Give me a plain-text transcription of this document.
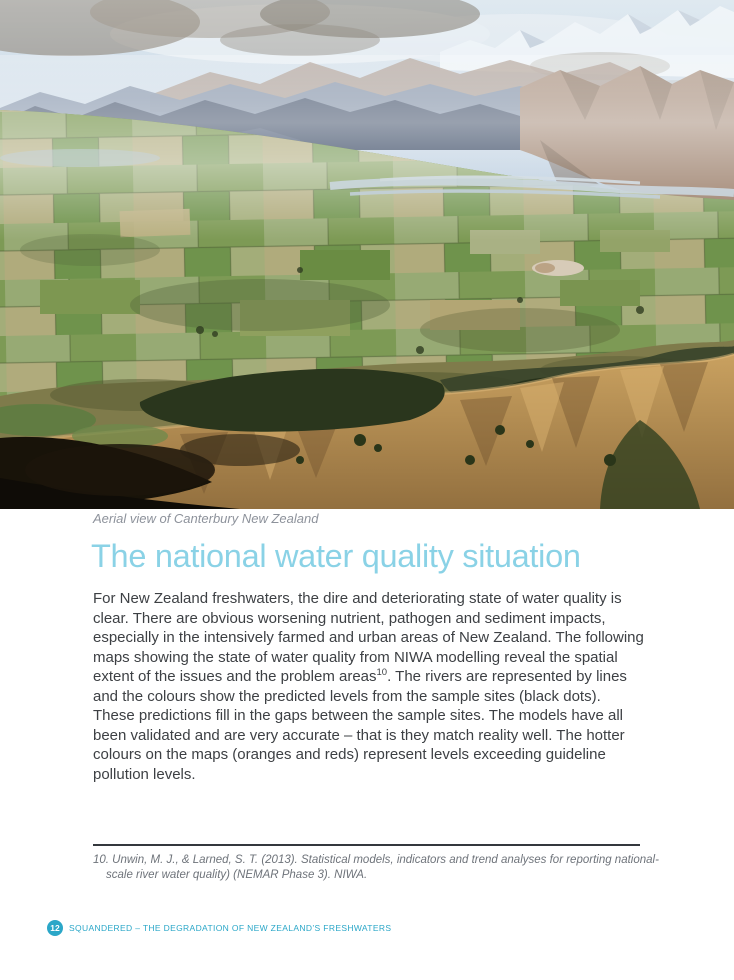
Aerial view of Canterbury New Zealand
The national water quality situation

For New Zealand freshwaters, the dire and deteriorating state of water quality is clear. There are obvious worsening nutrient, pathogen and sediment impacts, especially in the intensively farmed and urban areas of New Zealand. The following maps showing the state of water quality from NIWA modelling reveal the spatial extent of the issues and the problem areas$^{10}$. The rivers are represented by lines and the colours show the predicted levels from the sample sites (black dots). These predictions fill in the gaps between the sample sites. The models have all been validated and are very accurate – that is they match reality well. The hotter colours on the maps (oranges and reds) represent levels exceeding guideline pollution levels.

10. Unwin, M. J., & Larned, S. T. (2013). Statistical models, indicators and trend analyses for reporting national-scale river water quality) (NEMAR Phase 3). NIWA.
12	SQUANDERED – THE DEGRADATION OF NEW ZEALAND’S FRESHWATERS
